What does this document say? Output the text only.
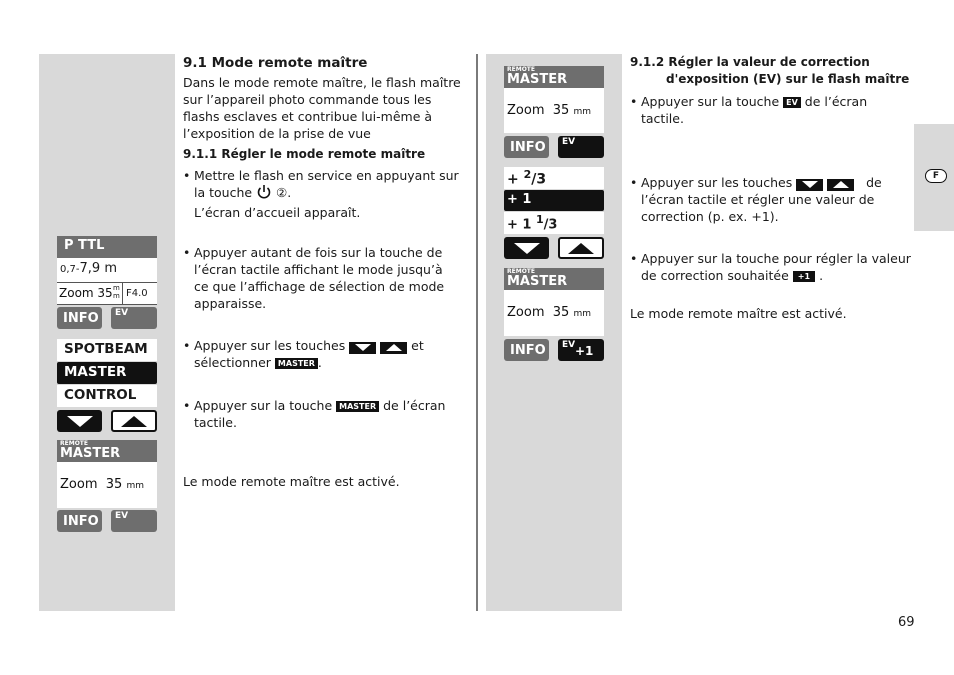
9.1 Mode remote maître
Dans le mode remote maître, le flash maître
sur l’appareil photo commande tous les
flashs esclaves et contribue lui-même à
l’exposition de la prise de vue
9.1.1 Régler le mode remote maître
• Mettre le flash en service en appuyant sur
la touche ②.
L’écran d’accueil apparaît.
• Appuyer autant de fois sur la touche de
l’écran tactile affichant le mode jusqu’à
ce que l’affichage de sélection de mode
apparaisse.
• Appuyer sur les touches
	et
sélectionner MASTER .
• Appuyer sur la touche MASTER de l’écran
tactile.
Le mode remote maître est activé.
P TTL
0,7-7,9 m
Zoom 35 m
m F4.0
INFO	EV
SPOTBEAM
MASTER
CONTROL
REMOTE
MASTER
Zoom 35 mm
INFO	EV
REMOTE
MASTER
Zoom 35 mm
INFO	EV
+ $^2$/3
+ 1
+ 1 $^1$/3
REMOTE
MASTER
Zoom 35 mm
INFO	EV +1
9.1.2 Régler la valeur de correction
d'exposition (EV) sur le flash maître
• Appuyer sur la touche EV de l’écran
tactile.
• Appuyer sur les touches
	de
l’écran tactile et régler une valeur de
correction (p. ex. +1).
• Appuyer sur la touche pour régler la valeur
de correction souhaitée +1 .
Le mode remote maître est activé.
F
69
